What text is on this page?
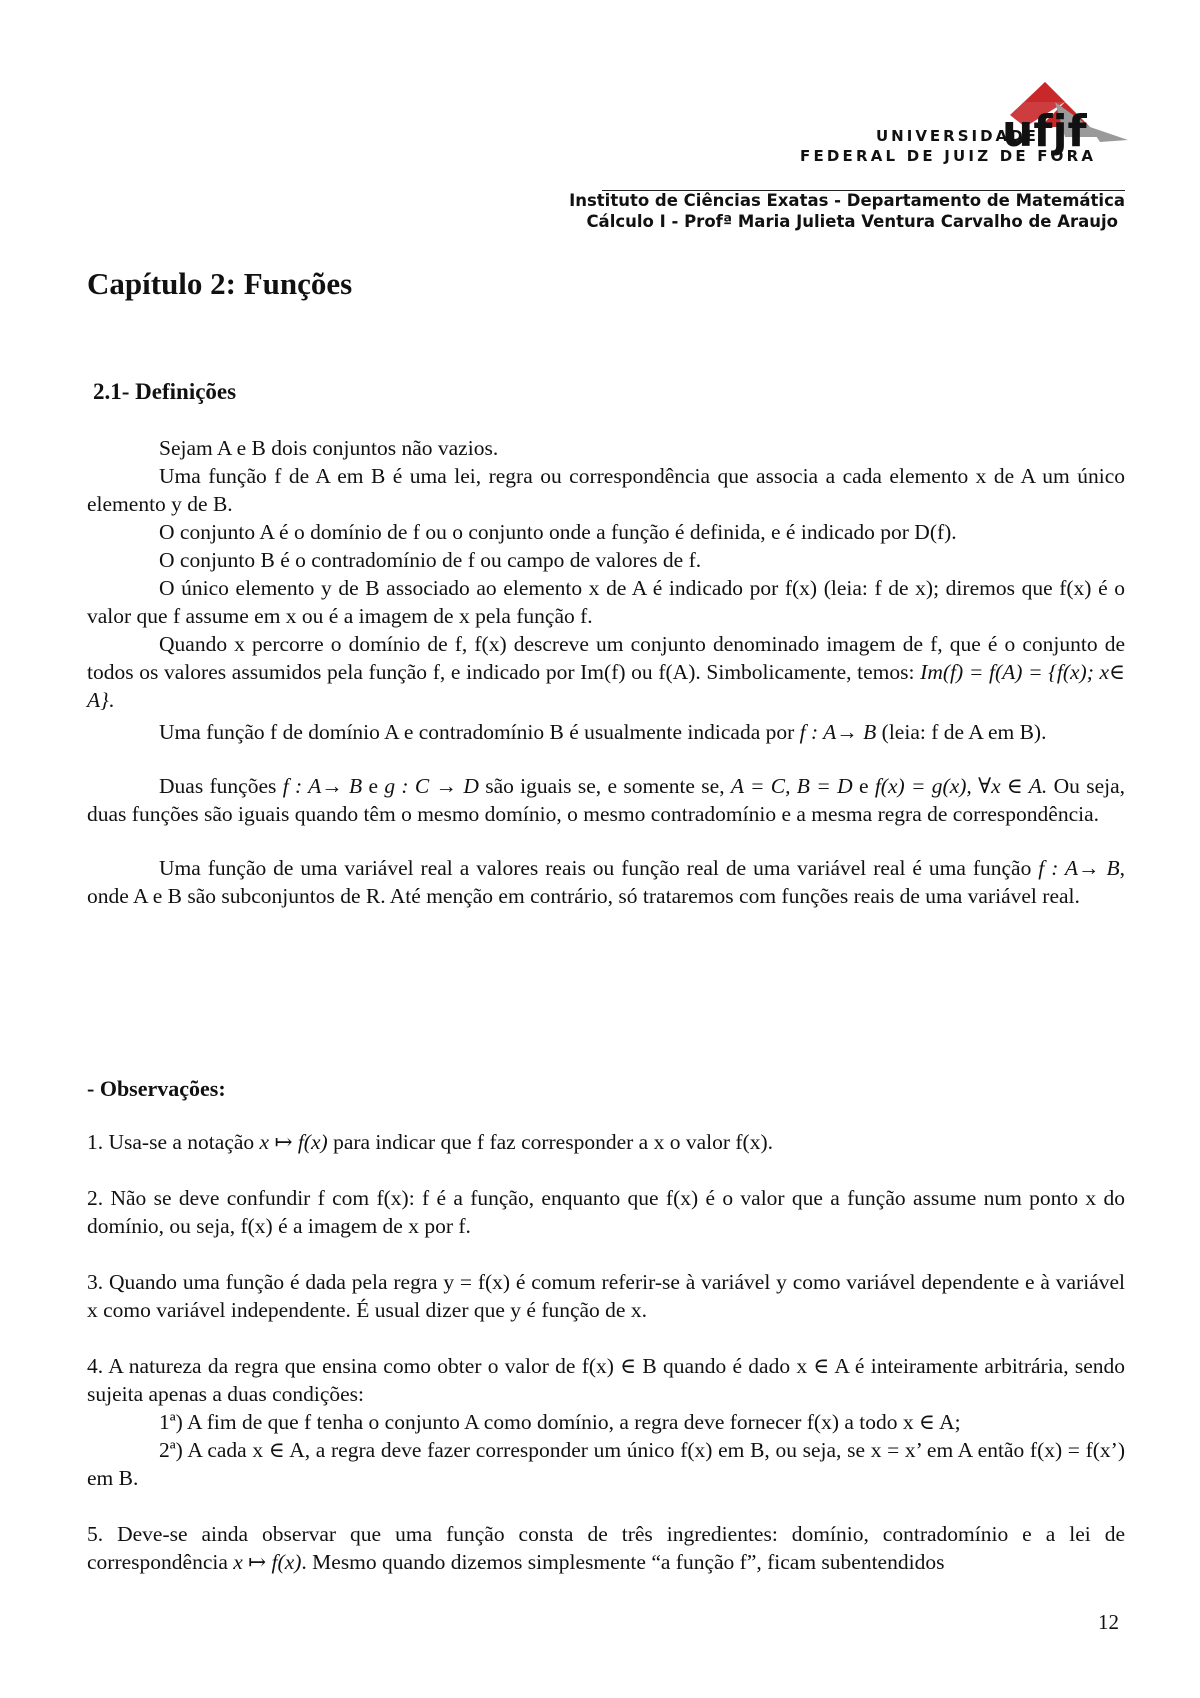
ufjf
UNIVERSIDADE
FEDERAL DE JUIZ DE FORA
Instituto de Ciências Exatas - Departamento de Matemática
Cálculo I - Profª Maria Julieta Ventura Carvalho de Araujo
Capítulo 2: Funções
2.1- Definições

Sejam A e B dois conjuntos não vazios.

Uma função f de A em B é uma lei, regra ou correspondência que associa a cada elemento x de A um único elemento y de B.

O conjunto A é o domínio de f ou o conjunto onde a função é definida, e é indicado por D(f).

O conjunto B é o contradomínio de f ou campo de valores de f.

O único elemento y de B associado ao elemento x de A é indicado por f(x) (leia: f de x); diremos que f(x) é o valor que f assume em x ou é a imagem de x pela função f.

Quando x percorre o domínio de f, f(x) descreve um conjunto denominado imagem de f, que é o conjunto de todos os valores assumidos pela função f, e indicado por Im(f) ou f(A). Simbolicamente, temos: Im(f) = f(A) = {f(x); x∈ A}.

Uma função f de domínio A e contradomínio B é usualmente indicada por f : A→ B (leia: f de A em B).

Duas funções f : A→ B e g : C → D são iguais se, e somente se, A = C, B = D e f(x) = g(x), ∀x ∈ A. Ou seja, duas funções são iguais quando têm o mesmo domínio, o mesmo contradomínio e a mesma regra de correspondência.

Uma função de uma variável real a valores reais ou função real de uma variável real é uma função f : A→ B, onde A e B são subconjuntos de R. Até menção em contrário, só trataremos com funções reais de uma variável real.

- Observações:

1. Usa-se a notação x ↦ f(x) para indicar que f faz corresponder a x o valor f(x).

2. Não se deve confundir f com f(x): f é a função, enquanto que f(x) é o valor que a função assume num ponto x do domínio, ou seja, f(x) é a imagem de x por f.

3. Quando uma função é dada pela regra y = f(x) é comum referir-se à variável y como variável dependente e à variável x como variável independente. É usual dizer que y é função de x.

4. A natureza da regra que ensina como obter o valor de f(x) ∈ B quando é dado x ∈ A é inteiramente arbitrária, sendo sujeita apenas a duas condições:

1ª) A fim de que f tenha o conjunto A como domínio, a regra deve fornecer f(x) a todo x ∈ A;

2ª) A cada x ∈ A, a regra deve fazer corresponder um único f(x) em B, ou seja, se x = x’ em A então f(x) = f(x’) em B.

5. Deve-se ainda observar que uma função consta de três ingredientes: domínio, contradomínio e a lei de correspondência x ↦ f(x). Mesmo quando dizemos simplesmente “a função f”, ficam subentendidos

12
